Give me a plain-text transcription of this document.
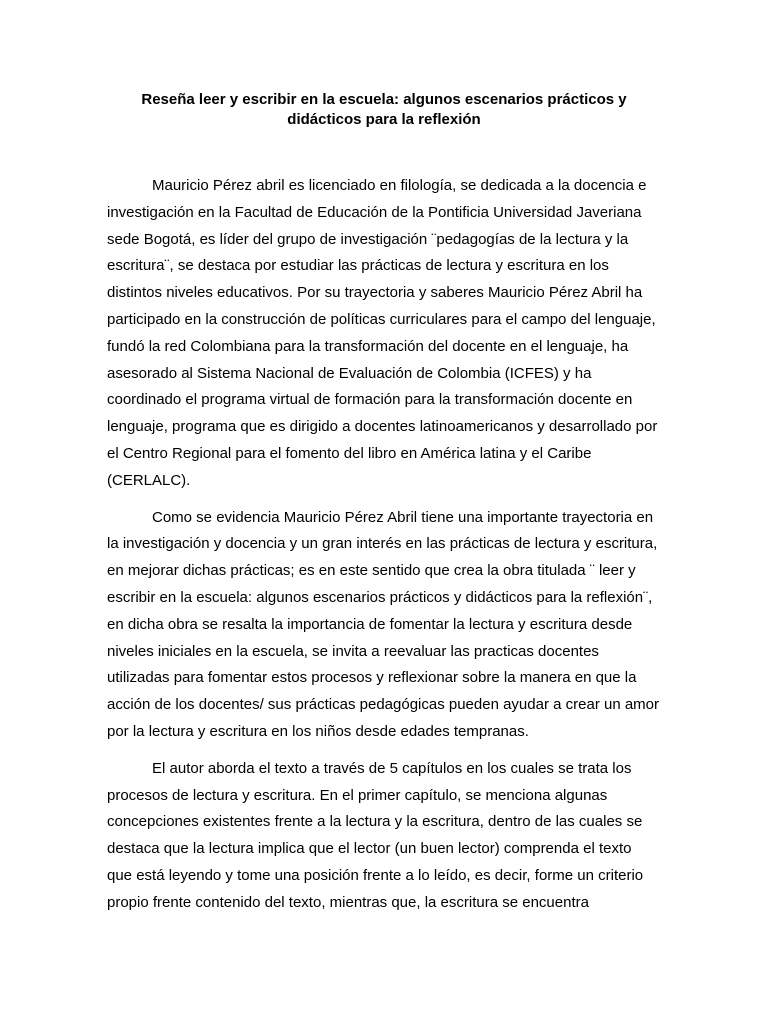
Reseña leer y escribir en la escuela: algunos escenarios prácticos y
didácticos para la reflexión

Mauricio Pérez abril es licenciado en filología, se dedicada a la docencia e
investigación en la Facultad de Educación de la Pontificia Universidad Javeriana
sede Bogotá, es líder del grupo de investigación ¨pedagogías de la lectura y la
escritura¨, se destaca por estudiar las prácticas de lectura y escritura en los
distintos niveles educativos. Por su trayectoria y saberes Mauricio Pérez Abril ha
participado en la construcción de políticas curriculares para el campo del lenguaje,
fundó la red Colombiana para la transformación del docente en el lenguaje, ha
asesorado al Sistema Nacional de Evaluación de Colombia (ICFES) y ha
coordinado el programa virtual de formación para la transformación docente en
lenguaje, programa que es dirigido a docentes latinoamericanos y desarrollado por
el Centro Regional para el fomento del libro en América latina y el Caribe
(CERLALC).

Como se evidencia Mauricio Pérez Abril tiene una importante trayectoria en
la investigación y docencia y un gran interés en las prácticas de lectura y escritura,
en mejorar dichas prácticas; es en este sentido que crea la obra titulada ¨ leer y
escribir en la escuela: algunos escenarios prácticos y didácticos para la reflexión¨,
en dicha obra se resalta la importancia de fomentar la lectura y escritura desde
niveles iniciales en la escuela, se invita a reevaluar las practicas docentes
utilizadas para fomentar estos procesos y reflexionar sobre la manera en que la
acción de los docentes/ sus prácticas pedagógicas pueden ayudar a crear un amor
por la lectura y escritura en los niños desde edades tempranas.

El autor aborda el texto a través de 5 capítulos en los cuales se trata los
procesos de lectura y escritura. En el primer capítulo, se menciona algunas
concepciones existentes frente a la lectura y la escritura, dentro de las cuales se
destaca que la lectura implica que el lector (un buen lector) comprenda el texto
que está leyendo y tome una posición frente a lo leído, es decir, forme un criterio
propio frente contenido del texto, mientras que, la escritura se encuentra
